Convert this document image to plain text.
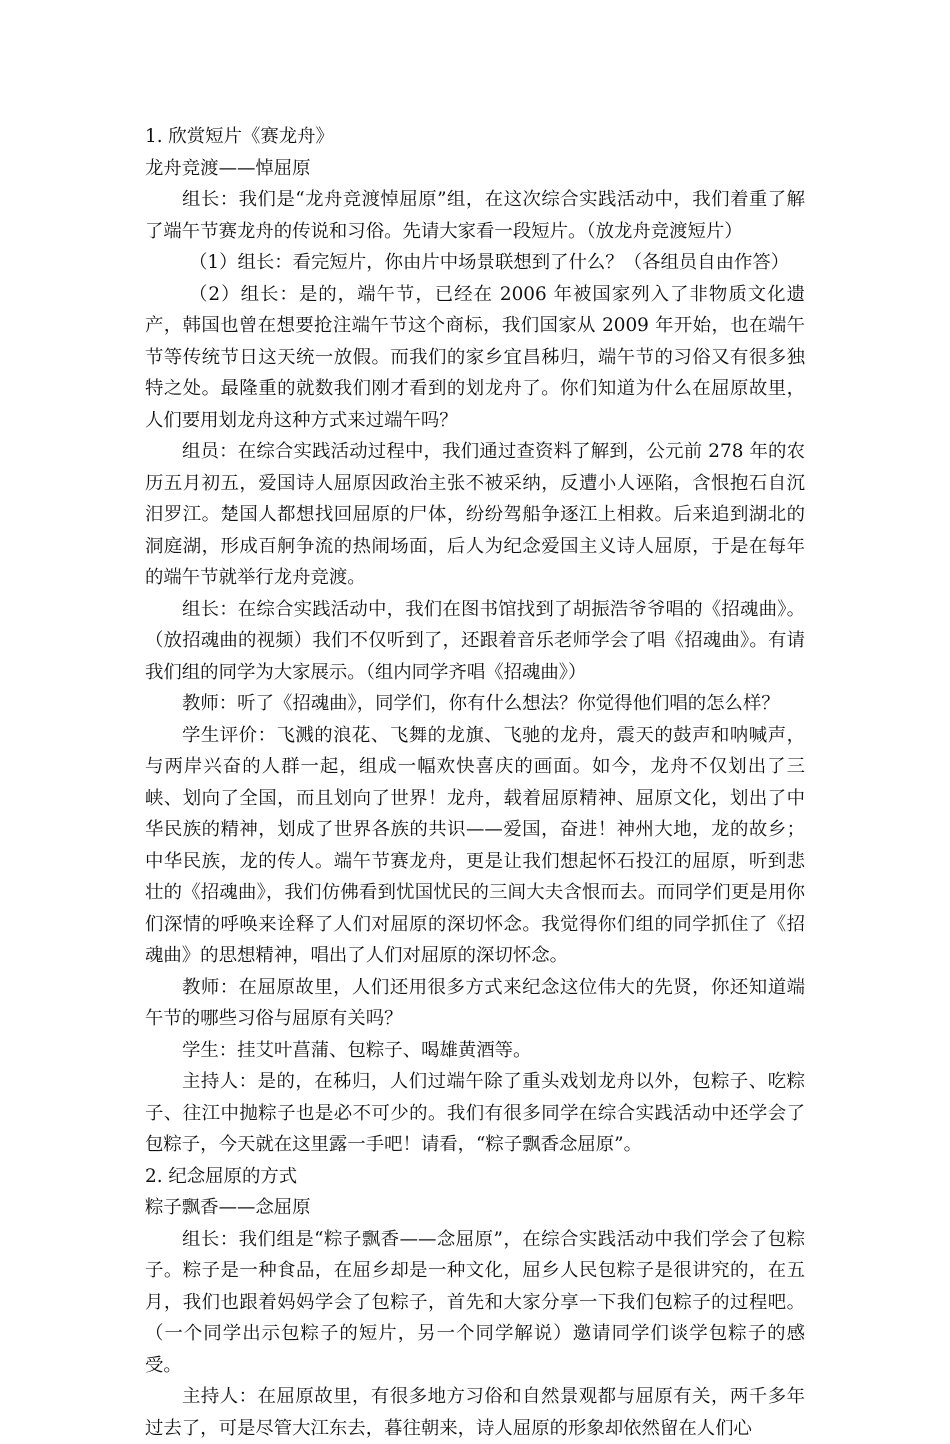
1. 欣赏短片《赛龙舟》

龙舟竞渡——悼屈原

组长：我们是“龙舟竞渡悼屈原”组，在这次综合实践活动中，我们着重了解了端午节赛龙舟的传说和习俗。先请大家看一段短片。（放龙舟竞渡短片）

（1）组长：看完短片，你由片中场景联想到了什么？（各组员自由作答）

（2）组长：是的，端午节，已经在 2006 年被国家列入了非物质文化遗产，韩国也曾在想要抢注端午节这个商标，我们国家从 2009 年开始，也在端午节等传统节日这天统一放假。而我们的家乡宜昌秭归，端午节的习俗又有很多独特之处。最隆重的就数我们刚才看到的划龙舟了。你们知道为什么在屈原故里，人们要用划龙舟这种方式来过端午吗？

组员：在综合实践活动过程中，我们通过查资料了解到，公元前 278 年的农历五月初五，爱国诗人屈原因政治主张不被采纳，反遭小人诬陷，含恨抱石自沉汨罗江。楚国人都想找回屈原的尸体，纷纷驾船争逐江上相救。后来追到湖北的洞庭湖，形成百舸争流的热闹场面，后人为纪念爱国主义诗人屈原，于是在每年的端午节就举行龙舟竞渡。

组长：在综合实践活动中，我们在图书馆找到了胡振浩爷爷唱的《招魂曲》。（放招魂曲的视频）我们不仅听到了，还跟着音乐老师学会了唱《招魂曲》。有请我们组的同学为大家展示。（组内同学齐唱《招魂曲》）

教师：听了《招魂曲》，同学们，你有什么想法？你觉得他们唱的怎么样？

学生评价：飞溅的浪花、飞舞的龙旗、飞驰的龙舟，震天的鼓声和呐喊声，与两岸兴奋的人群一起，组成一幅欢快喜庆的画面。如今，龙舟不仅划出了三峡、划向了全国，而且划向了世界！龙舟，载着屈原精神、屈原文化，划出了中华民族的精神，划成了世界各族的共识——爱国，奋进！神州大地，龙的故乡；中华民族，龙的传人。端午节赛龙舟，更是让我们想起怀石投江的屈原，听到悲壮的《招魂曲》，我们仿佛看到忧国忧民的三闾大夫含恨而去。而同学们更是用你们深情的呼唤来诠释了人们对屈原的深切怀念。我觉得你们组的同学抓住了《招魂曲》的思想精神，唱出了人们对屈原的深切怀念。

教师：在屈原故里，人们还用很多方式来纪念这位伟大的先贤，你还知道端午节的哪些习俗与屈原有关吗？

学生：挂艾叶菖蒲、包粽子、喝雄黄酒等。

主持人：是的，在秭归，人们过端午除了重头戏划龙舟以外，包粽子、吃粽子、往江中抛粽子也是必不可少的。我们有很多同学在综合实践活动中还学会了包粽子，今天就在这里露一手吧！请看，“粽子飘香念屈原”。

2. 纪念屈原的方式

粽子飘香——念屈原

组长：我们组是“粽子飘香——念屈原”，在综合实践活动中我们学会了包粽子。粽子是一种食品，在屈乡却是一种文化，屈乡人民包粽子是很讲究的，在五月，我们也跟着妈妈学会了包粽子，首先和大家分享一下我们包粽子的过程吧。（一个同学出示包粽子的短片，另一个同学解说）邀请同学们谈学包粽子的感受。

主持人：在屈原故里，有很多地方习俗和自然景观都与屈原有关，两千多年过去了，可是尽管大江东去，暮往朝来，诗人屈原的形象却依然留在人们心
